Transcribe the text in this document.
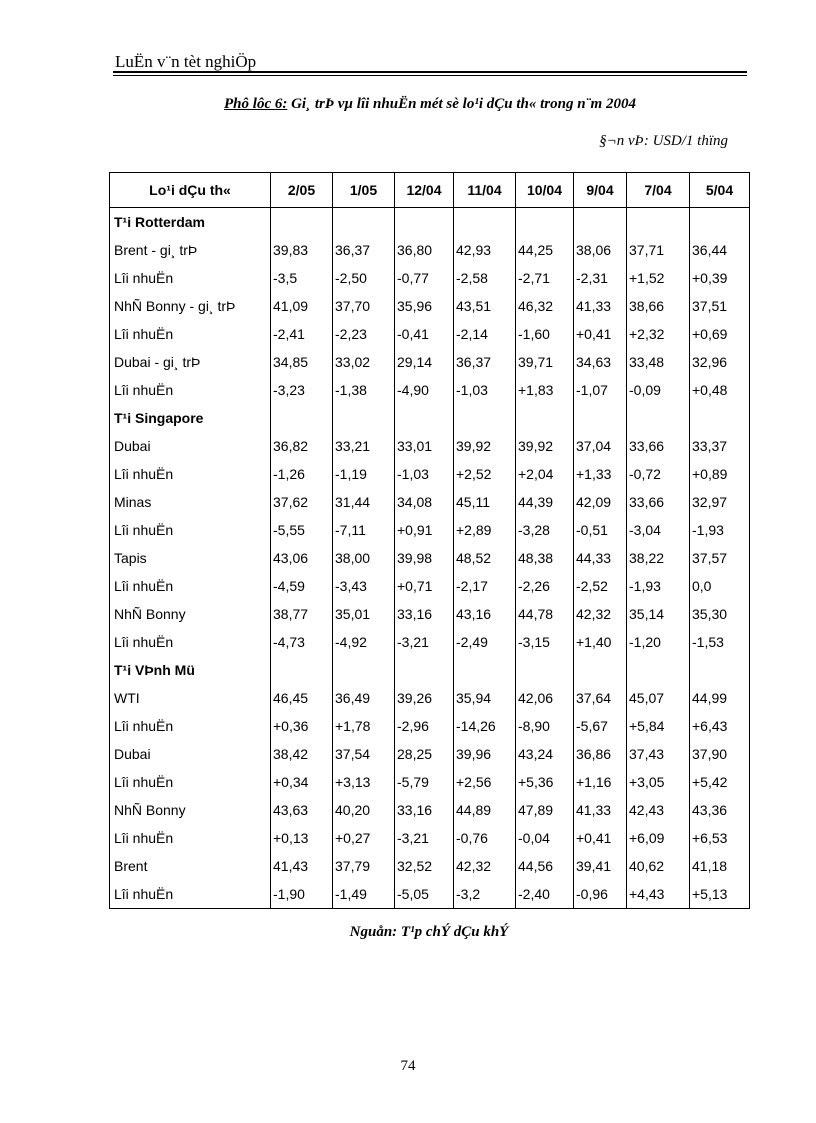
LuËn v¨n tèt nghiÖp
Phô lôc 6: Gi¸ trÞ vµ lîi nhuËn mét sè lo¹i dÇu th« trong n¨m 2004
§¬n vÞ: USD/1 thïng
Lo¹i dÇu th«	2/05	1/05	12/04	11/04	10/04	9/04	7/04	5/04
T¹i Rotterdam								
Brent - gi¸ trÞ	39,83	36,37	36,80	42,93	44,25	38,06	37,71	36,44
Lîi nhuËn	-3,5	-2,50	-0,77	-2,58	-2,71	-2,31	+1,52	+0,39
NhÑ Bonny - gi¸ trÞ	41,09	37,70	35,96	43,51	46,32	41,33	38,66	37,51
Lîi nhuËn	-2,41	-2,23	-0,41	-2,14	-1,60	+0,41	+2,32	+0,69
Dubai - gi¸ trÞ	34,85	33,02	29,14	36,37	39,71	34,63	33,48	32,96
Lîi nhuËn	-3,23	-1,38	-4,90	-1,03	+1,83	-1,07	-0,09	+0,48
T¹i Singapore								
Dubai	36,82	33,21	33,01	39,92	39,92	37,04	33,66	33,37
Lîi nhuËn	-1,26	-1,19	-1,03	+2,52	+2,04	+1,33	-0,72	+0,89
Minas	37,62	31,44	34,08	45,11	44,39	42,09	33,66	32,97
Lîi nhuËn	-5,55	-7,11	+0,91	+2,89	-3,28	-0,51	-3,04	-1,93
Tapis	43,06	38,00	39,98	48,52	48,38	44,33	38,22	37,57
Lîi nhuËn	-4,59	-3,43	+0,71	-2,17	-2,26	-2,52	-1,93	0,0
NhÑ Bonny	38,77	35,01	33,16	43,16	44,78	42,32	35,14	35,30
Lîi nhuËn	-4,73	-4,92	-3,21	-2,49	-3,15	+1,40	-1,20	-1,53
T¹i VÞnh Mü								
WTI	46,45	36,49	39,26	35,94	42,06	37,64	45,07	44,99
Lîi nhuËn	+0,36	+1,78	-2,96	-14,26	-8,90	-5,67	+5,84	+6,43
Dubai	38,42	37,54	28,25	39,96	43,24	36,86	37,43	37,90
Lîi nhuËn	+0,34	+3,13	-5,79	+2,56	+5,36	+1,16	+3,05	+5,42
NhÑ Bonny	43,63	40,20	33,16	44,89	47,89	41,33	42,43	43,36
Lîi nhuËn	+0,13	+0,27	-3,21	-0,76	-0,04	+0,41	+6,09	+6,53
Brent	41,43	37,79	32,52	42,32	44,56	39,41	40,62	41,18
Lîi nhuËn	-1,90	-1,49	-5,05	-3,2	-2,40	-0,96	+4,43	+5,13
Nguån: T¹p chÝ dÇu khÝ
74
